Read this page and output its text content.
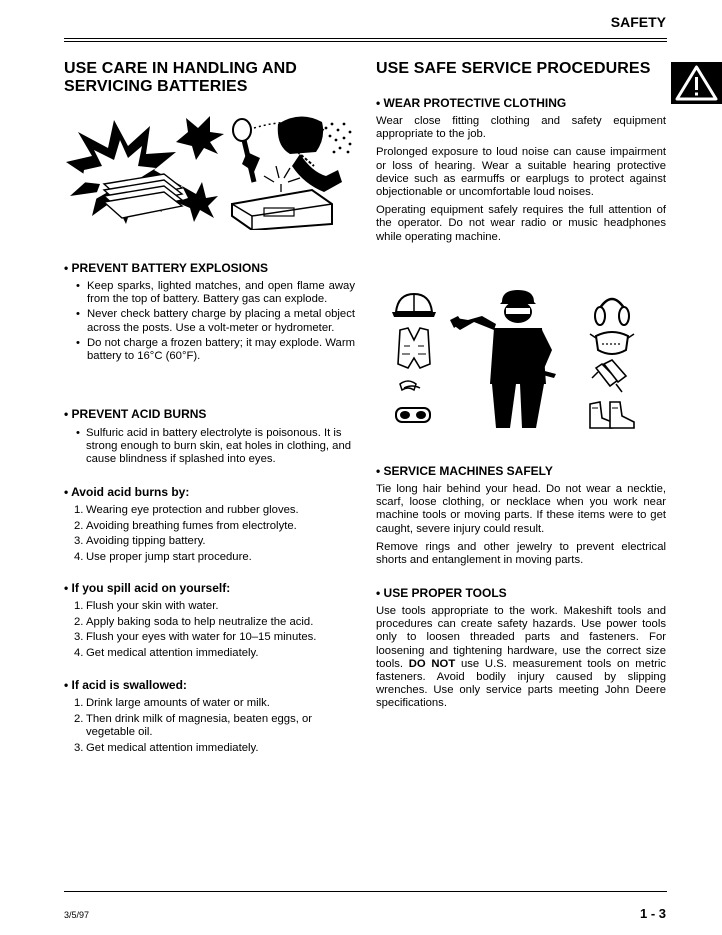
SAFETY
USE CARE IN HANDLING AND
SERVICING BATTERIES
• PREVENT BATTERY EXPLOSIONS
• Keep sparks, lighted matches, and open flame away from the top of battery. Battery gas can explode.
• Never check battery charge by placing a metal object across the posts. Use a volt-meter or hydrometer.
• Do not charge a frozen battery; it may explode. Warm battery to 16°C (60°F).
• PREVENT ACID BURNS
• Sulfuric acid in battery electrolyte is poisonous. It is strong enough to burn skin, eat holes in clothing, and cause blindness if splashed into eyes.
• Avoid acid burns by:
1. Wearing eye protection and rubber gloves.
2. Avoiding breathing fumes from electrolyte.
3. Avoiding tipping battery.
4. Use proper jump start procedure.
• If you spill acid on yourself:
1. Flush your skin with water.
2. Apply baking soda to help neutralize the acid.
3. Flush your eyes with water for 10–15 minutes.
4. Get medical attention immediately.
• If acid is swallowed:
1. Drink large amounts of water or milk.
2. Then drink milk of magnesia, beaten eggs, or vegetable oil.
3. Get medical attention immediately.
USE SAFE SERVICE PROCEDURES
• WEAR PROTECTIVE CLOTHING

Wear close fitting clothing and safety equipment appropriate to the job.

Prolonged exposure to loud noise can cause impairment or loss of hearing. Wear a suitable hearing protective device such as earmuffs or earplugs to protect against objectionable or uncomfortable loud noises.

Operating equipment safely requires the full attention of the operator. Do not wear radio or music headphones while operating machine.

• SERVICE MACHINES SAFELY

Tie long hair behind your head. Do not wear a necktie, scarf, loose clothing, or necklace when you work near machine tools or moving parts. If these items were to get caught, severe injury could result.

Remove rings and other jewelry to prevent electrical shorts and entanglement in moving parts.

• USE PROPER TOOLS

Use tools appropriate to the work. Makeshift tools and procedures can create safety hazards. Use power tools only to loosen threaded parts and fasteners. For loosening and tightening hardware, use the correct size tools. DO NOT use U.S. measurement tools on metric fasteners. Avoid bodily injury caused by slipping wrenches. Use only service parts meeting John Deere specifications.

3/5/97	1 - 3
